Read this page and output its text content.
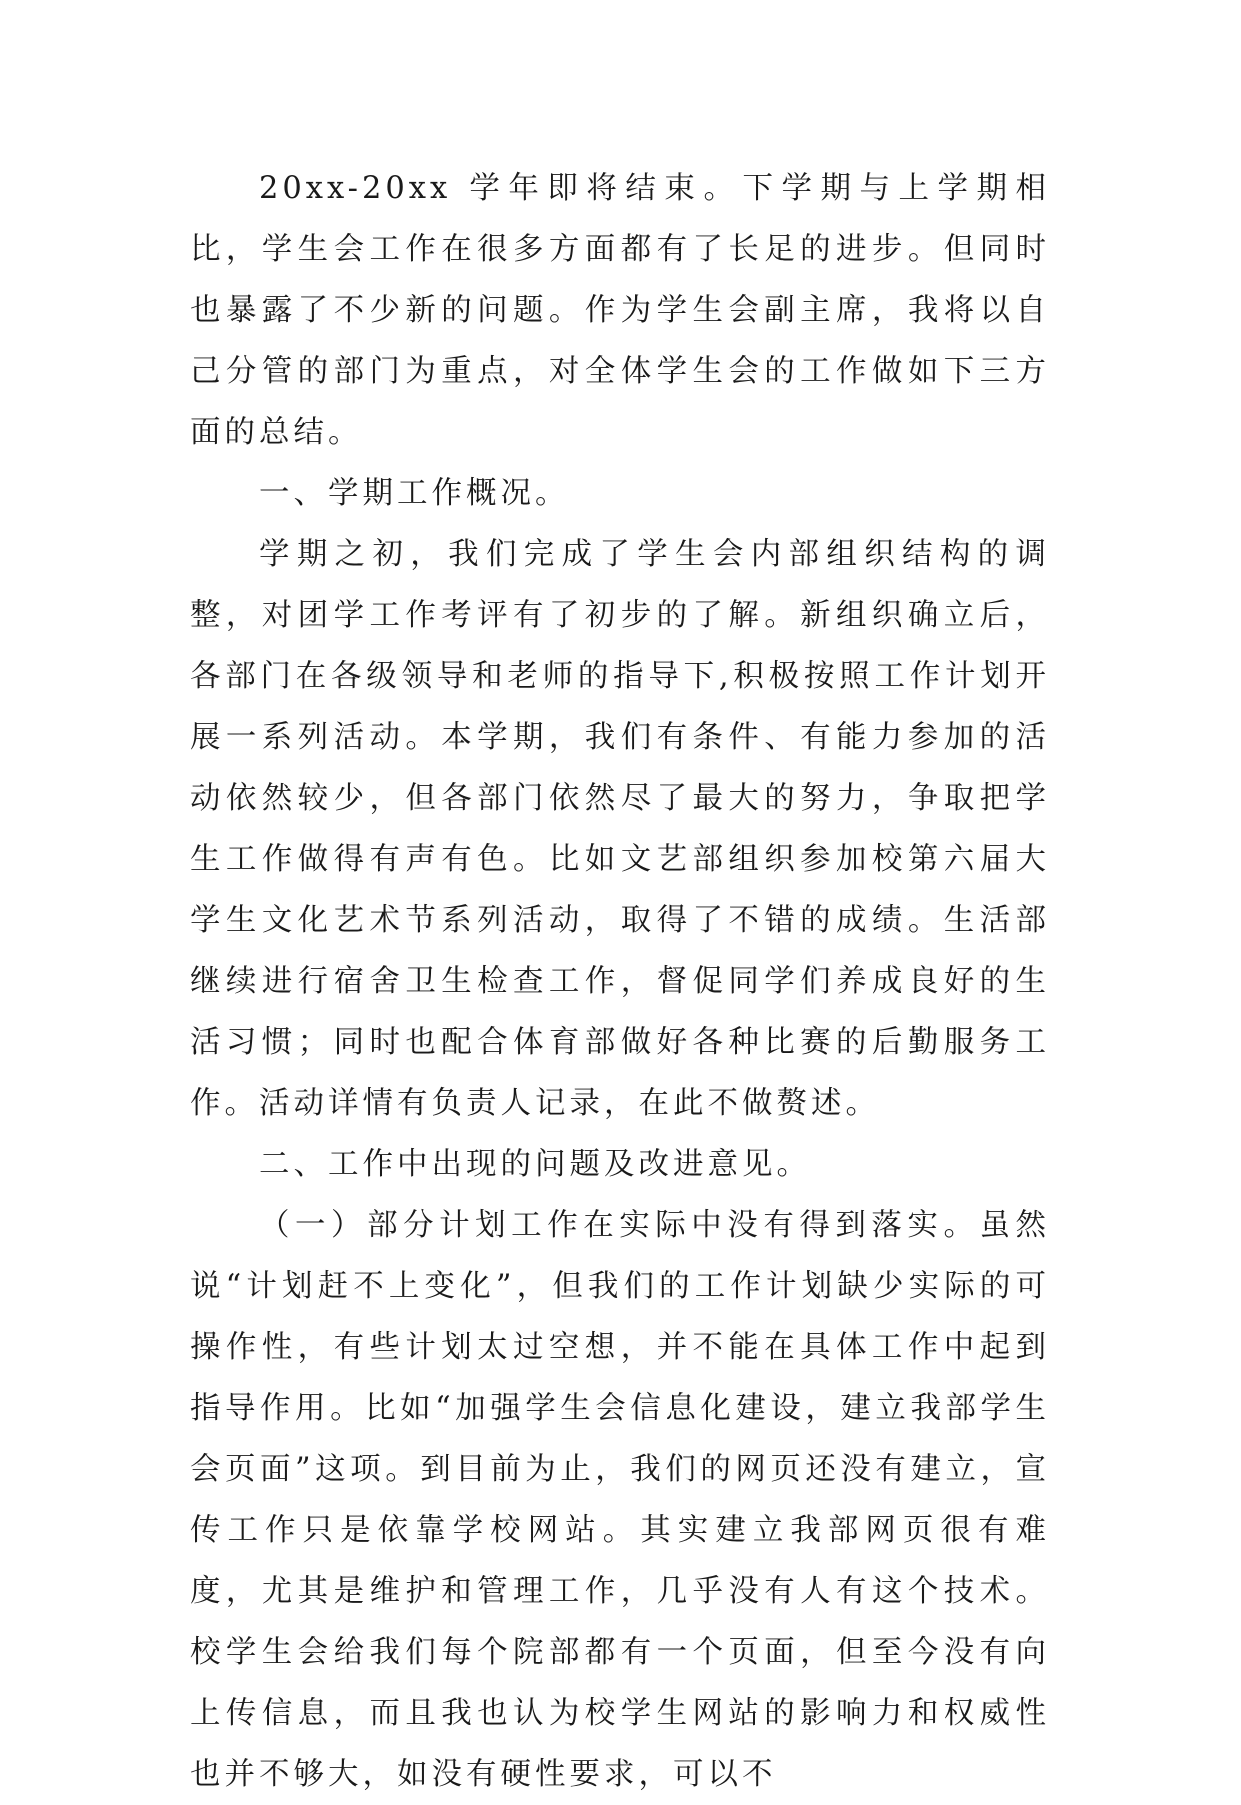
20xx-20xx 学年即将结束。下学期与上学期相比，学生会工作在很多方面都有了长足的进步。但同时也暴露了不少新的问题。作为学生会副主席，我将以自己分管的部门为重点，对全体学生会的工作做如下三方面的总结。

一、学期工作概况。

学期之初，我们完成了学生会内部组织结构的调整，对团学工作考评有了初步的了解。新组织确立后，各部门在各级领导和老师的指导下,积极按照工作计划开展一系列活动。本学期，我们有条件、有能力参加的活动依然较少，但各部门依然尽了最大的努力，争取把学生工作做得有声有色。比如文艺部组织参加校第六届大学生文化艺术节系列活动，取得了不错的成绩。生活部继续进行宿舍卫生检查工作，督促同学们养成良好的生活习惯；同时也配合体育部做好各种比赛的后勤服务工作。活动详情有负责人记录，在此不做赘述。

二、工作中出现的问题及改进意见。

（一）部分计划工作在实际中没有得到落实。虽然说“计划赶不上变化”，但我们的工作计划缺少实际的可操作性，有些计划太过空想，并不能在具体工作中起到指导作用。比如“加强学生会信息化建设，建立我部学生会页面”这项。到目前为止，我们的网页还没有建立，宣传工作只是依靠学校网站。其实建立我部网页很有难度，尤其是维护和管理工作，几乎没有人有这个技术。校学生会给我们每个院部都有一个页面，但至今没有向上传信息，而且我也认为校学生网站的影响力和权威性也并不够大，如没有硬性要求，可以不
